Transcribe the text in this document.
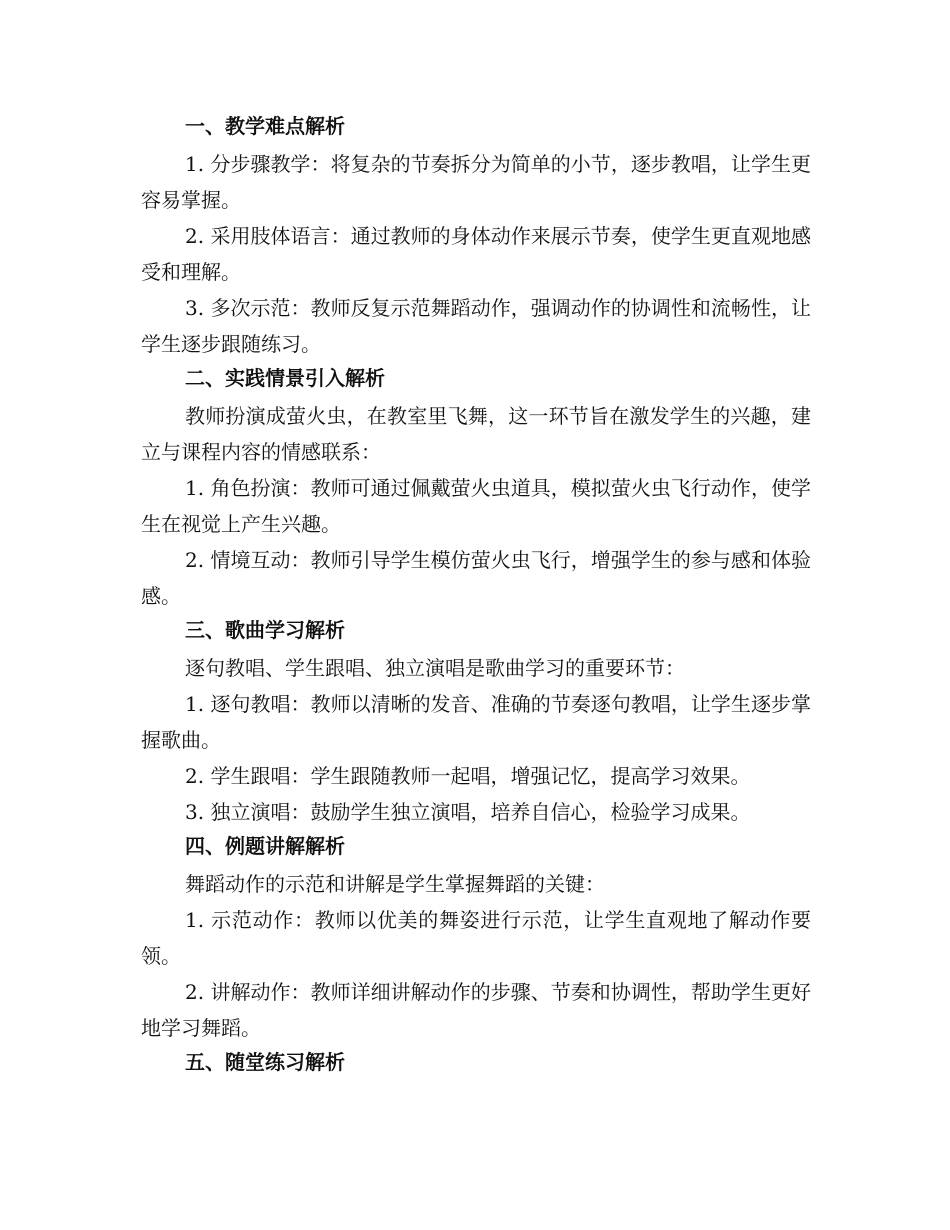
一、教学难点解析

1. 分步骤教学：将复杂的节奏拆分为简单的小节，逐步教唱，让学生更容易掌握。

2. 采用肢体语言：通过教师的身体动作来展示节奏，使学生更直观地感受和理解。

3. 多次示范：教师反复示范舞蹈动作，强调动作的协调性和流畅性，让学生逐步跟随练习。

二、实践情景引入解析

教师扮演成萤火虫，在教室里飞舞，这一环节旨在激发学生的兴趣，建立与课程内容的情感联系：

1. 角色扮演：教师可通过佩戴萤火虫道具，模拟萤火虫飞行动作，使学生在视觉上产生兴趣。

2. 情境互动：教师引导学生模仿萤火虫飞行，增强学生的参与感和体验感。

三、歌曲学习解析

逐句教唱、学生跟唱、独立演唱是歌曲学习的重要环节：

1. 逐句教唱：教师以清晰的发音、准确的节奏逐句教唱，让学生逐步掌握歌曲。

2. 学生跟唱：学生跟随教师一起唱，增强记忆，提高学习效果。

3. 独立演唱：鼓励学生独立演唱，培养自信心，检验学习成果。

四、例题讲解解析

舞蹈动作的示范和讲解是学生掌握舞蹈的关键：

1. 示范动作：教师以优美的舞姿进行示范，让学生直观地了解动作要领。

2. 讲解动作：教师详细讲解动作的步骤、节奏和协调性，帮助学生更好地学习舞蹈。

五、随堂练习解析
